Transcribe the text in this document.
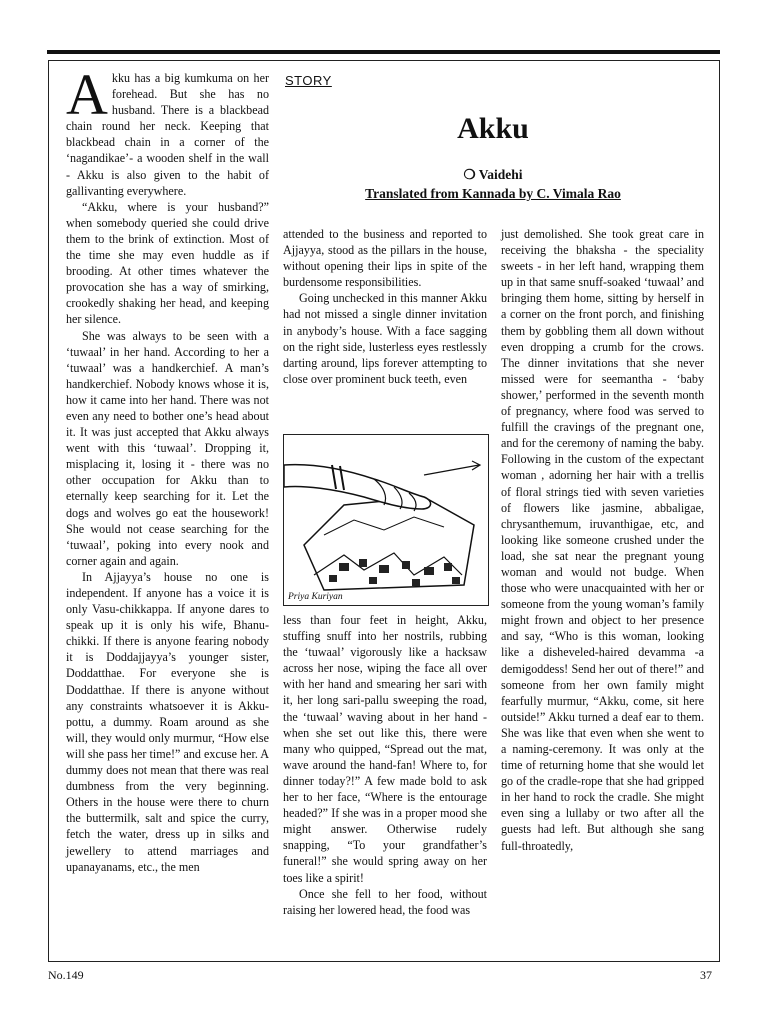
A kku has a big kumkuma on her forehead. But she has no husband. There is a blackbead chain round her neck. Keeping that blackbead chain in a corner of the ‘nagandikae’- a wooden shelf in the wall - Akku is also given to the habit of gallivanting everywhere.

“Akku, where is your husband?” when somebody queried she could drive them to the brink of extinction. Most of the time she may even huddle as if brooding. At other times whatever the provocation she has a way of smirking, crookedly shaking her head, and keeping her silence.

She was always to be seen with a ‘tuwaal’ in her hand. According to her a ‘tuwaal’ was a handkerchief. A man’s handkerchief. Nobody knows whose it is, how it came into her hand. There was not even any need to bother one’s head about it. It was just accepted that Akku always went with this ‘tuwaal’. Dropping it, misplacing it, losing it - there was no other occupation for Akku than to eternally keep searching for it. Let the dogs and wolves go eat the housework! She would not cease searching for the ‘tuwaal’, poking into every nook and corner again and again.

In Ajjayya’s house no one is independent. If anyone has a voice it is only Vasu-chikkappa. If anyone dares to speak up it is only his wife, Bhanu-chikki. If there is anyone fearing nobody it is Doddajjayya’s younger sister, Doddatthae. For everyone she is Doddatthae. If there is anyone without any constraints whatsoever it is Akku-pottu, a dummy. Roam around as she will, they would only murmur, “How else will she pass her time!” and excuse her. A dummy does not mean that there was real dumbness from the very beginning. Others in the house were there to churn the buttermilk, salt and spice the curry, fetch the water, dress up in silks and jewellery to attend marriages and upanayanams, etc., the men

STORY
Akku
❍ Vaidehi
Translated from Kannada by C. Vimala Rao

attended to the business and reported to Ajjayya, stood as the pillars in the house, without opening their lips in spite of the burdensome responsibilities.

Going unchecked in this manner Akku had not missed a single dinner invitation in anybody’s house. With a face sagging on the right side, lusterless eyes restlessly darting around, lips forever attempting to close over prominent buck teeth, even

Priya Kuriyan

less than four feet in height, Akku, stuffing snuff into her nostrils, rubbing the ‘tuwaal’ vigorously like a hacksaw across her nose, wiping the face all over with her hand and smearing her sari with it, her long sari-pallu sweeping the road, the ‘tuwaal’ waving about in her hand - when she set out like this, there were many who quipped, “Spread out the mat, wave around the hand-fan! Where to, for dinner today?!” A few made bold to ask her to her face, “Where is the entourage headed?” If she was in a proper mood she might answer. Otherwise rudely snapping, “To your grandfather’s funeral!” she would spring away on her toes like a spirit!

Once she fell to her food, without raising her lowered head, the food was

just demolished. She took great care in receiving the bhaksha - the speciality sweets - in her left hand, wrapping them up in that same snuff-soaked ‘tuwaal’ and bringing them home, sitting by herself in a corner on the front porch, and finishing them by gobbling them all down without even dropping a crumb for the crows. The dinner invitations that she never missed were for seemantha - ‘baby shower,’ performed in the seventh month of pregnancy, where food was served to fulfill the cravings of the pregnant one, and for the ceremony of naming the baby. Following in the custom of the expectant woman , adorning her hair with a trellis of floral strings tied with seven varieties of flowers like jasmine, abbaligae, chrysanthemum, iruvanthigae, etc, and looking like someone crushed under the load, she sat near the pregnant young woman and would not budge. When those who were unacquainted with her or someone from the young woman’s family might frown and object to her presence and say, “Who is this woman, looking like a disheveled-haired devamma -a demigoddess! Send her out of there!” and someone from her own family might fearfully murmur, “Akku, come, sit here outside!” Akku turned a deaf ear to them. She was like that even when she went to a naming-ceremony. It was only at the time of returning home that she would let go of the cradle-rope that she had gripped in her hand to rock the cradle. She might even sing a lullaby or two after all the guests had left. But although she sang full-throatedly,

No.149	37
